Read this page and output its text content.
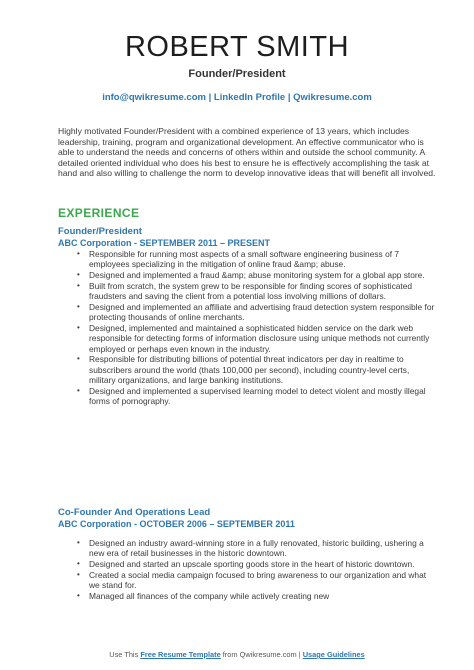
ROBERT SMITH
Founder/President
info@qwikresume.com | LinkedIn Profile | Qwikresume.com
Highly motivated Founder/President with a combined experience of 13 years, which includes leadership, training, program and organizational development. An effective communicator who is able to understand the needs and concerns of others within and outside the school community. A detailed oriented individual who does his best to ensure he is effectively accomplishing the task at hand and also willing to challenge the norm to develop innovative ideas that will benefit all involved.
EXPERIENCE
Founder/President
ABC Corporation - SEPTEMBER 2011 – PRESENT
• Responsible for running most aspects of a small software engineering business of 7 employees specializing in the mitigation of online fraud &amp; abuse.
• Designed and implemented a fraud &amp; abuse monitoring system for a global app store.
• Built from scratch, the system grew to be responsible for finding scores of sophisticated fraudsters and saving the client from a potential loss involving millions of dollars.
• Designed and implemented an affiliate and advertising fraud detection system responsible for protecting thousands of online merchants.
• Designed, implemented and maintained a sophisticated hidden service on the dark web responsible for detecting forms of information disclosure using unique methods not currently employed or perhaps even known in the industry.
• Responsible for distributing billions of potential threat indicators per day in realtime to subscribers around the world (thats 100,000 per second), including country-level certs, military organizations, and large banking institutions.
• Designed and implemented a supervised learning model to detect violent and mostly illegal forms of pornography.
Co-Founder And Operations Lead
ABC Corporation - OCTOBER 2006 – SEPTEMBER 2011
• Designed an industry award-winning store in a fully renovated, historic building, ushering a new era of retail businesses in the historic downtown.
• Designed and started an upscale sporting goods store in the heart of historic downtown.
• Created a social media campaign focused to bring awareness to our organization and what we stand for.
• Managed all finances of the company while actively creating new
Use This Free Resume Template from Qwikresume.com | Usage Guidelines
